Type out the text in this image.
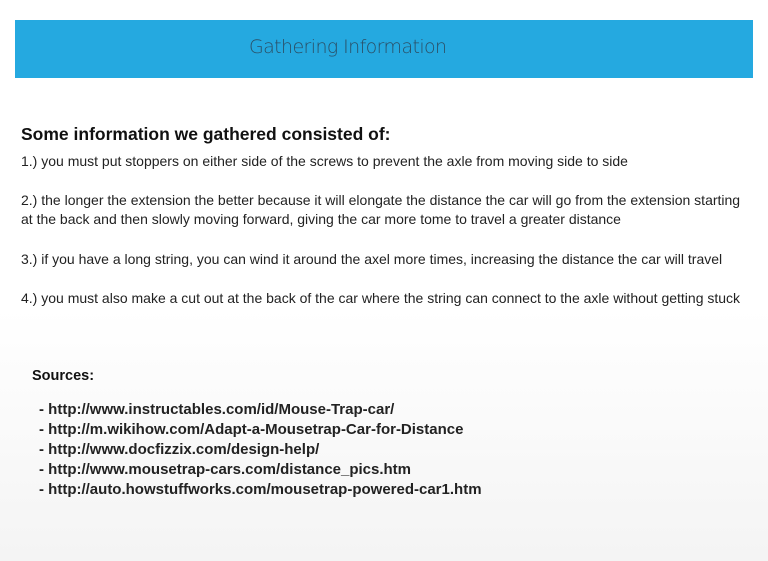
Gathering Information
Some information we gathered consisted of:

1.) you must put stoppers on either side of the screws to prevent the axle from moving side to side

2.) the longer the extension the better because it will elongate the distance the car will go from the extension starting at the back and then slowly moving forward, giving the car more tome to travel a greater distance

3.) if you have a long string, you can wind it around the axel more times, increasing the distance the car will travel

4.) you must also make a cut out at the back of the car where the string can connect to the axle without getting stuck

Sources:
- http://www.instructables.com/id/Mouse-Trap-car/
- http://m.wikihow.com/Adapt-a-Mousetrap-Car-for-Distance
- http://www.docfizzix.com/design-help/
- http://www.mousetrap-cars.com/distance_pics.htm
- http://auto.howstuffworks.com/mousetrap-powered-car1.htm
